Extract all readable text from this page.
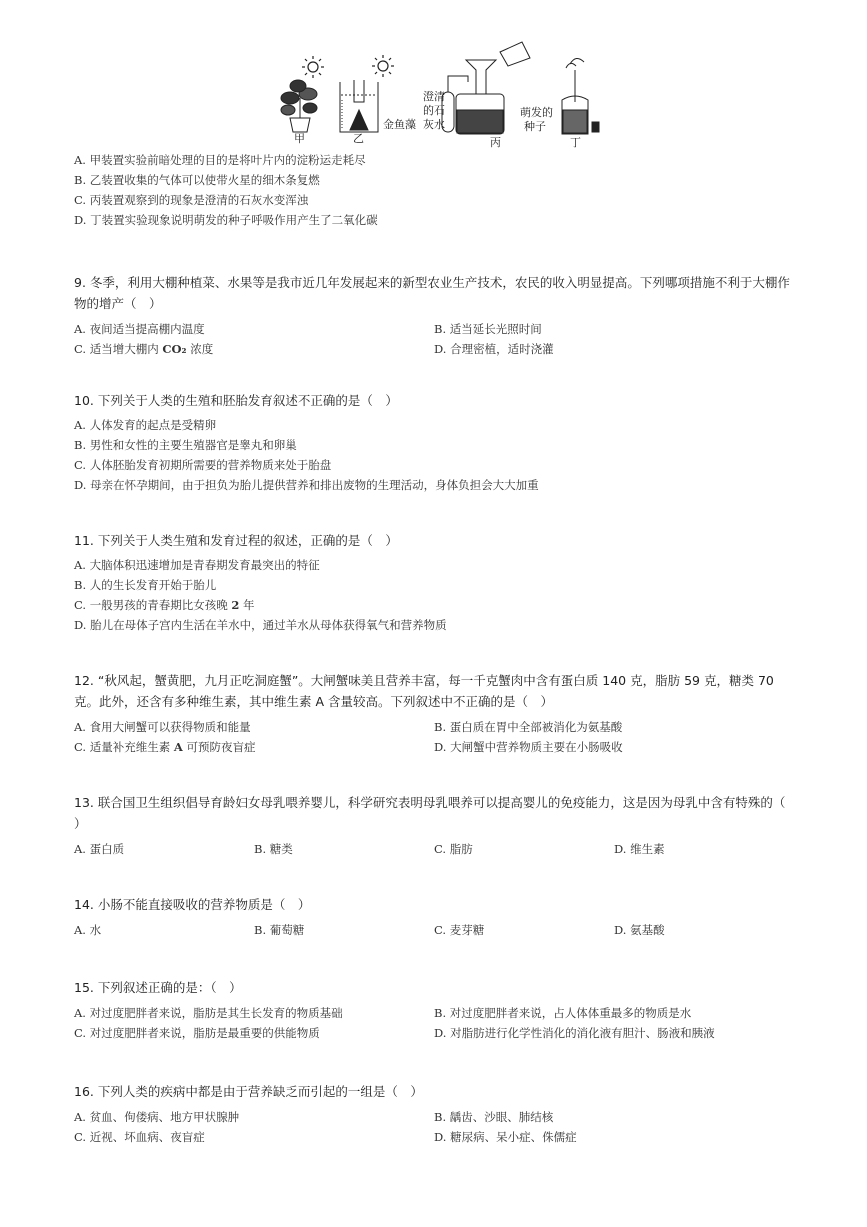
甲	乙
金鱼藻
澄清
的石
灰水
丙
萌发的
种子
丁
A. 甲装置实验前暗处理的目的是将叶片内的淀粉运走耗尽
B. 乙装置收集的气体可以使带火星的细木条复燃
C. 丙装置观察到的现象是澄清的石灰水变浑浊
D. 丁装置实验现象说明萌发的种子呼吸作用产生了二氧化碳
9. 冬季，利用大棚种植菜、水果等是我市近几年发展起来的新型农业生产技术，农民的收入明显提高。下列哪项措施不利于大棚作
物的增产（　）
A. 夜间适当提高棚内温度	B. 适当延长光照时间
C. 适当增大棚内 CO₂ 浓度	D. 合理密植，适时浇灌
10. 下列关于人类的生殖和胚胎发育叙述不正确的是（　）
A. 人体发育的起点是受精卵
B. 男性和女性的主要生殖器官是睾丸和卵巢
C. 人体胚胎发育初期所需要的营养物质来处于胎盘
D. 母亲在怀孕期间，由于担负为胎儿提供营养和排出废物的生理活动，身体负担会大大加重
11. 下列关于人类生殖和发育过程的叙述，正确的是（　）
A. 大脑体积迅速增加是青春期发育最突出的特征
B. 人的生长发育开始于胎儿
C. 一般男孩的青春期比女孩晚 2 年
D. 胎儿在母体子宫内生活在羊水中，通过羊水从母体获得氧气和营养物质
12. “秋风起，蟹黄肥，九月正吃洞庭蟹”。大闸蟹味美且营养丰富，每一千克蟹肉中含有蛋白质 140 克，脂肪 59 克，糖类 70
克。此外，还含有多种维生素，其中维生素 A 含量较高。下列叙述中不正确的是（　）
A. 食用大闸蟹可以获得物质和能量	B. 蛋白质在胃中全部被消化为氨基酸
C. 适量补充维生素 A 可预防夜盲症	D. 大闸蟹中营养物质主要在小肠吸收
13. 联合国卫生组织倡导育龄妇女母乳喂养婴儿，科学研究表明母乳喂养可以提高婴儿的免疫能力，这是因为母乳中含有特殊的（
）
A. 蛋白质	B. 糖类	C. 脂肪	D. 维生素
14. 小肠不能直接吸收的营养物质是（　）
A. 水	B. 葡萄糖	C. 麦芽糖	D. 氨基酸
15. 下列叙述正确的是：（　）
A. 对过度肥胖者来说，脂肪是其生长发育的物质基础	B. 对过度肥胖者来说，占人体体重最多的物质是水
C. 对过度肥胖者来说，脂肪是最重要的供能物质	D. 对脂肪进行化学性消化的消化液有胆汁、肠液和胰液
16. 下列人类的疾病中都是由于营养缺乏而引起的一组是（　）
A. 贫血、佝偻病、地方甲状腺肿	B. 龋齿、沙眼、肺结核
C. 近视、坏血病、夜盲症	D. 糖尿病、呆小症、侏儒症
